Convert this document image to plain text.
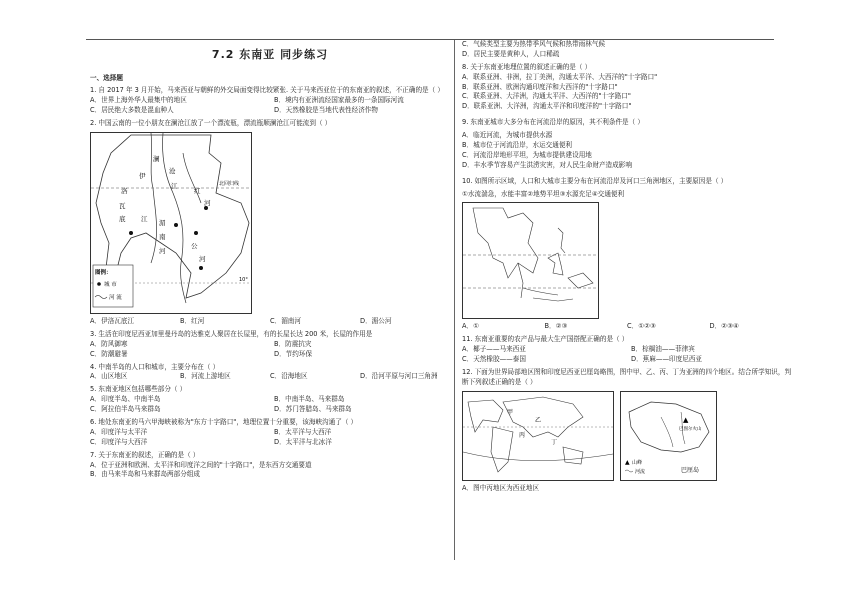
7.2 东南亚 同步练习
一、选择题

1. 自 2017 年 3 月开始，马来西亚与朝鲜的外交局面变得比较紧张. 关于马来西亚位于的东南亚的叙述，不正确的是（ ）

A．世界上海外华人最集中的地区	B．境内有亚洲流经国家最多的一条国际河流
C．居民绝大多数是混血种人	D．天然橡胶是当地代表性经济作物

2. 中国云南的一位小朋友在澜沧江放了一个漂流瓶，漂流瓶顺澜沧江可能流到（ ）

澜
伊
沧
洛
江
瓦
红
底
河
江 湄
公
南
河
河
北回归线
10°
图例：
城 市
河 流
A．伊洛瓦底江	B．红河	C．湄南河	D．湄公河

3. 生活在印度尼西亚加里曼丹岛的达雅克人聚居在长屋里，有的长屋长达 200 米，长屋的作用是

A．防风御寒	B．防震抗灾
C．防潮避暑	D．节约环保

4. 中南半岛的人口和城市，主要分布在（ ）

A．山区地区	B．河流上游地区	C．沿海地区	D．沿河平原与河口三角洲

5. 东南亚地区包括哪些部分（ ）

A．印度半岛、中南半岛	B．中南半岛、马来群岛
C．阿拉伯半岛马来群岛	D．苏门答腊岛、马来群岛

6. 地处东南亚的马六甲海峡被称为"东方十字路口"，地理位置十分重要，该海峡沟通了（ ）

A．印度洋与太平洋	B．太平洋与大西洋
C．印度洋与大西洋	D．太平洋与北冰洋

7. 关于东南亚的叙述，正确的是（ ）

A．位于亚洲和欧洲、太平洋和印度洋之间的"十字路口"，是东西方交通要道
B．由马来半岛和马来群岛两部分组成
C．气候类型主要为热带季风气候和热带雨林气候
D．居民主要是黄种人，人口稀疏

8. 关于东南亚地理位置的叙述正确的是（ ）

A．联系亚洲、非洲，拉丁美洲，沟通太平洋、大西洋的"十字路口"
B．联系亚洲、欧洲沟通印度洋和大西洋的"十字路口"
C．联系亚洲、大洋洲，沟通太平洋、大西洋的"十字路口"
D．联系亚洲、大洋洲，沟通太平洋和印度洋的"十字路口"

9. 东南亚城市大多分布在河流沿岸的原因，其不利条件是（ ）

A．临近河流，为城市提供水源
B．城市位于河流沿岸，水运交通便利
C．河流沿岸地形平坦，为城市提供建设用地
D．丰水季节容易产生洪涝灾害，对人民生命财产造成影响

10. 如图所示区域，人口和大城市主要分布在河流沿岸及河口三角洲地区，主要原因是（ ）

①水流湍急，水能丰富②地势平坦③水源充足④交通便利

A．①	B．②③	C．①②③	D．②③④

11. 东南亚重要的农产品与最大生产国搭配正确的是（ ）

A．椰子——马来西亚	B．棕榈油——菲律宾
C．天然橡胶——泰国	D．蕉麻——印度尼西亚

12. 下面为世界局部地区图和印度尼西亚巴厘岛略图，图中甲、乙、丙、丁为亚洲的四个地区。结合所学知识，判断下列叙述正确的是（ ）

甲
乙
丙
丁
▲
巴图尔火山
▲ 山峰
河流	巴厘岛
A．图中丙地区为西亚地区
